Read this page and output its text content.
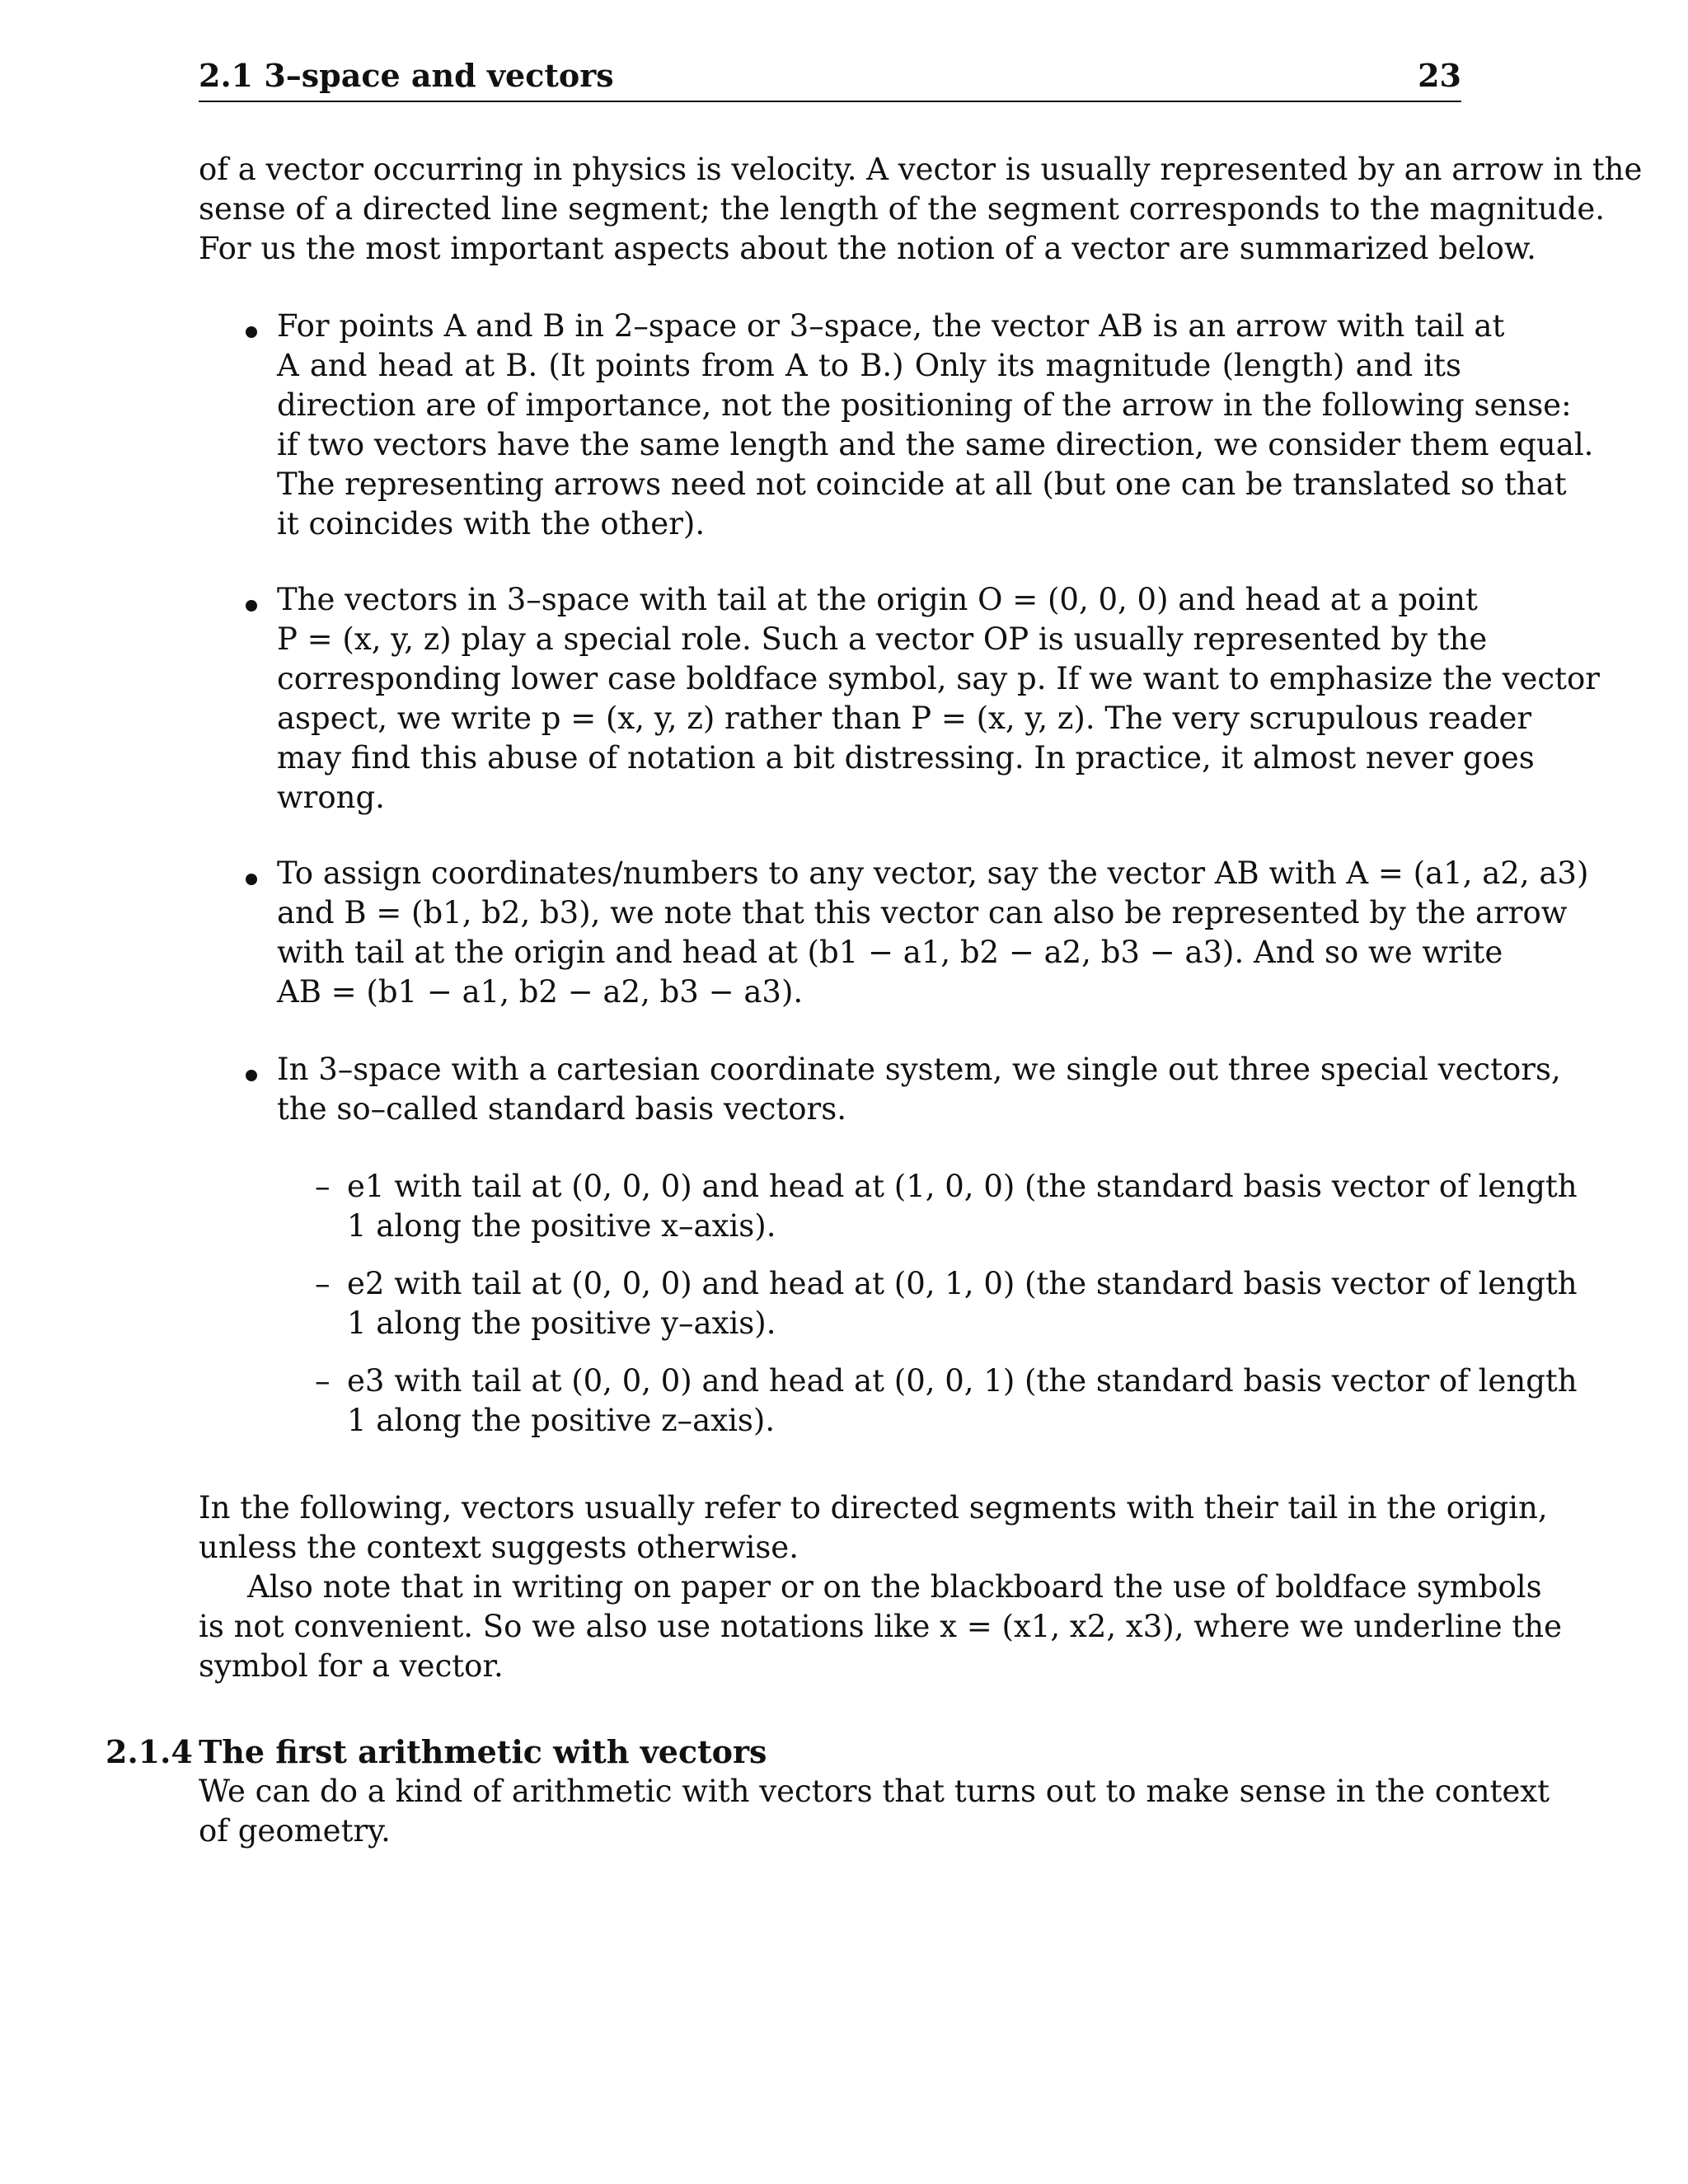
2.1 3–space and vectors	23
of a vector occurring in physics is velocity. A vector is usually represented by an arrow in the
sense of a directed line segment; the length of the segment corresponds to the magnitude.
For us the most important aspects about the notion of a vector are summarized below.
For points A and B in 2–space or 3–space, the vector AB is an arrow with tail at
A and head at B. (It points from A to B.) Only its magnitude (length) and its
direction are of importance, not the positioning of the arrow in the following sense:
if two vectors have the same length and the same direction, we consider them equal.
The representing arrows need not coincide at all (but one can be translated so that
it coincides with the other).
The vectors in 3–space with tail at the origin O = (0, 0, 0) and head at a point
P = (x, y, z) play a special role. Such a vector OP is usually represented by the
corresponding lower case boldface symbol, say p. If we want to emphasize the vector
aspect, we write p = (x, y, z) rather than P = (x, y, z). The very scrupulous reader
may find this abuse of notation a bit distressing. In practice, it almost never goes
wrong.
To assign coordinates/numbers to any vector, say the vector AB with A = (a1, a2, a3)
and B = (b1, b2, b3), we note that this vector can also be represented by the arrow
with tail at the origin and head at (b1 − a1, b2 − a2, b3 − a3). And so we write
AB = (b1 − a1, b2 − a2, b3 − a3).
In 3–space with a cartesian coordinate system, we single out three special vectors,
the so–called standard basis vectors.
– e1 with tail at (0, 0, 0) and head at (1, 0, 0) (the standard basis vector of length
1 along the positive x–axis).
– e2 with tail at (0, 0, 0) and head at (0, 1, 0) (the standard basis vector of length
1 along the positive y–axis).
– e3 with tail at (0, 0, 0) and head at (0, 0, 1) (the standard basis vector of length
1 along the positive z–axis).
In the following, vectors usually refer to directed segments with their tail in the origin,
unless the context suggests otherwise.
Also note that in writing on paper or on the blackboard the use of boldface symbols
is not convenient. So we also use notations like x = (x1, x2, x3), where we underline the
symbol for a vector.
2.1.4 The first arithmetic with vectors
We can do a kind of arithmetic with vectors that turns out to make sense in the context
of geometry.
